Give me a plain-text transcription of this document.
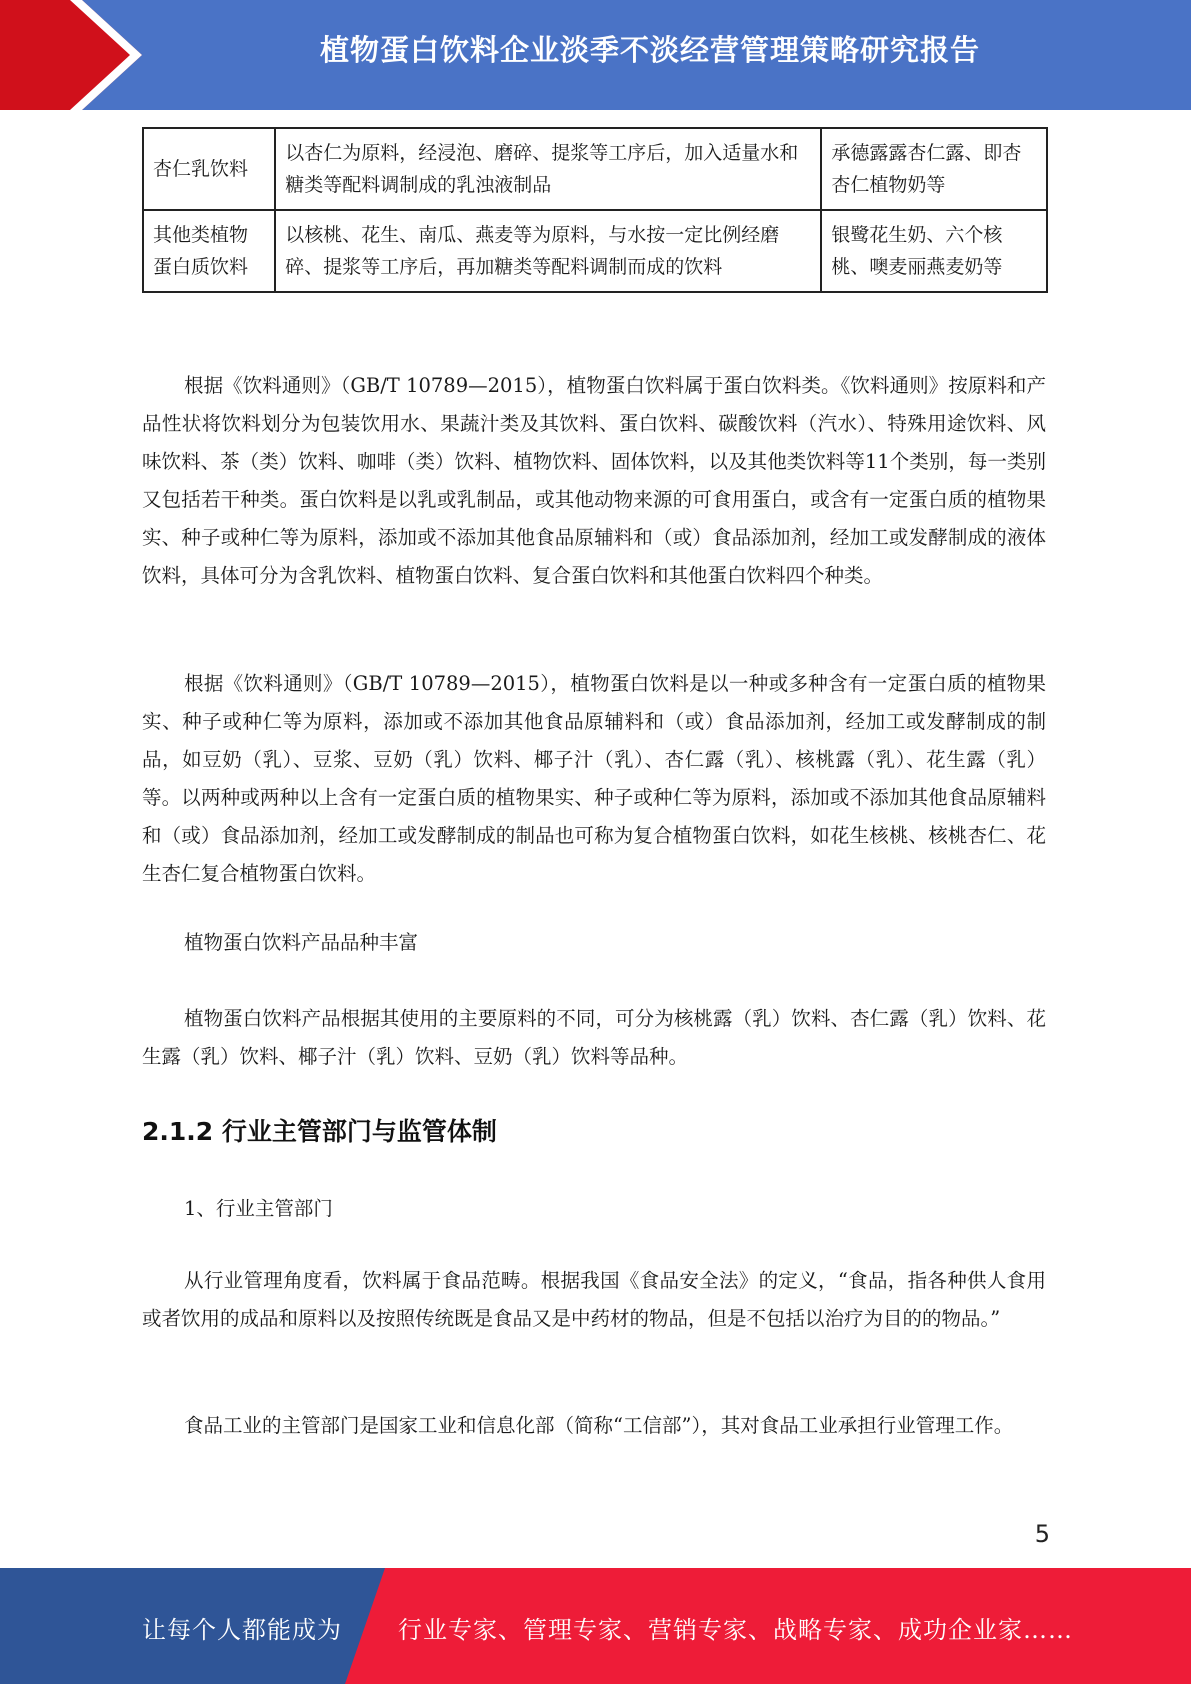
植物蛋白饮料企业淡季不淡经营管理策略研究报告
杏仁乳饮料	以杏仁为原料，经浸泡、磨碎、提浆等工序后，加入适量水和糖类等配料调制成的乳浊液制品	承德露露杏仁露、即杏杏仁植物奶等
其他类植物蛋白质饮料	以核桃、花生、南瓜、燕麦等为原料，与水按一定比例经磨碎、提浆等工序后，再加糖类等配料调制而成的饮料	银鹭花生奶、六个核桃、噢麦丽燕麦奶等

根据《饮料通则》（GB/T 10789—2015），植物蛋白饮料属于蛋白饮料类。《饮料通则》按原料和产品性状将饮料划分为包装饮用水、果蔬汁类及其饮料、蛋白饮料、碳酸饮料（汽水）、特殊用途饮料、风味饮料、茶（类）饮料、咖啡（类）饮料、植物饮料、固体饮料，以及其他类饮料等11个类别，每一类别又包括若干种类。蛋白饮料是以乳或乳制品，或其他动物来源的可食用蛋白，或含有一定蛋白质的植物果实、种子或种仁等为原料，添加或不添加其他食品原辅料和（或）食品添加剂，经加工或发酵制成的液体饮料，具体可分为含乳饮料、植物蛋白饮料、复合蛋白饮料和其他蛋白饮料四个种类。

根据《饮料通则》（GB/T 10789—2015），植物蛋白饮料是以一种或多种含有一定蛋白质的植物果实、种子或种仁等为原料，添加或不添加其他食品原辅料和（或）食品添加剂，经加工或发酵制成的制品，如豆奶（乳）、豆浆、豆奶（乳）饮料、椰子汁（乳）、杏仁露（乳）、核桃露（乳）、花生露（乳）等。以两种或两种以上含有一定蛋白质的植物果实、种子或种仁等为原料，添加或不添加其他食品原辅料和（或）食品添加剂，经加工或发酵制成的制品也可称为复合植物蛋白饮料，如花生核桃、核桃杏仁、花生杏仁复合植物蛋白饮料。

植物蛋白饮料产品品种丰富

植物蛋白饮料产品根据其使用的主要原料的不同，可分为核桃露（乳）饮料、杏仁露（乳）饮料、花生露（乳）饮料、椰子汁（乳）饮料、豆奶（乳）饮料等品种。

2.1.2 行业主管部门与监管体制

1、行业主管部门

从行业管理角度看，饮料属于食品范畴。根据我国《食品安全法》的定义，“食品，指各种供人食用或者饮用的成品和原料以及按照传统既是食品又是中药材的物品，但是不包括以治疗为目的的物品。”

食品工业的主管部门是国家工业和信息化部（简称“工信部”），其对食品工业承担行业管理工作。

5
让每个人都能成为 行业专家、管理专家、营销专家、战略专家、成功企业家……
